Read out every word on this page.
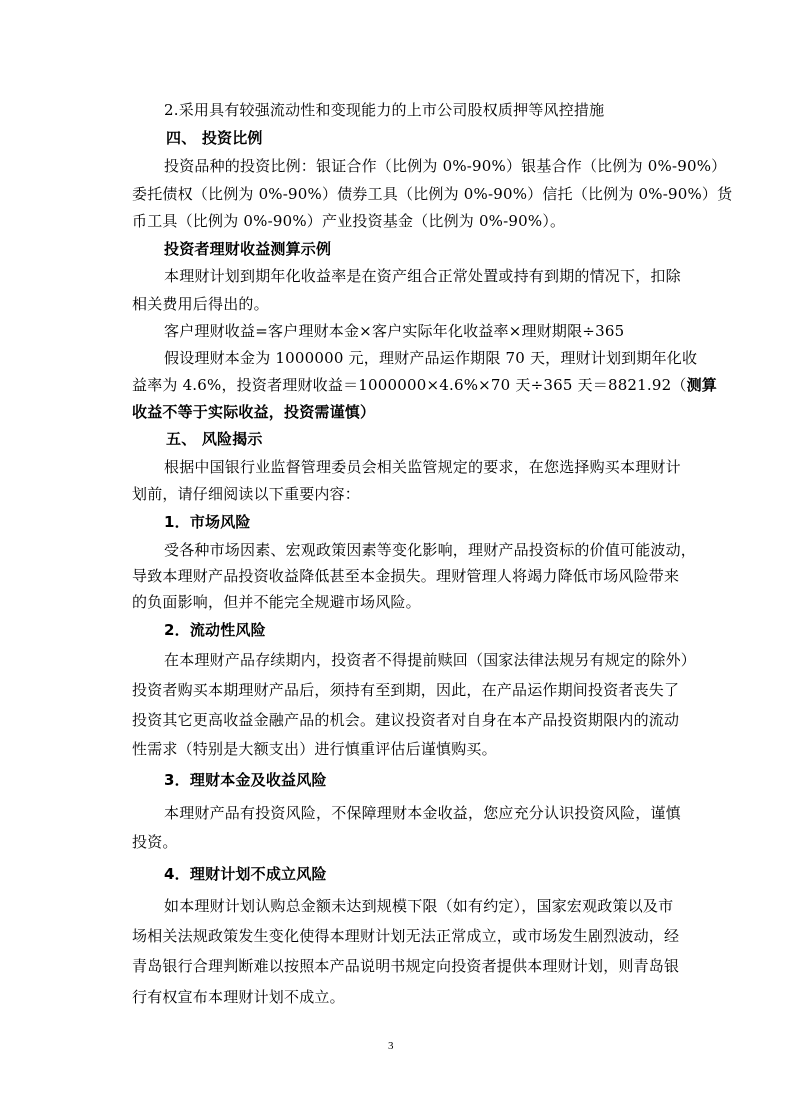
2.采用具有较强流动性和变现能力的上市公司股权质押等风控措施
四、 投资比例
投资品种的投资比例：银证合作（比例为 0%-90%）银基合作（比例为 0%-90%）
委托债权（比例为 0%-90%）债券工具（比例为 0%-90%）信托（比例为 0%-90%）货
币工具（比例为 0%-90%）产业投资基金（比例为 0%-90%）。
投资者理财收益测算示例
本理财计划到期年化收益率是在资产组合正常处置或持有到期的情况下，扣除
相关费用后得出的。
客户理财收益=客户理财本金×客户实际年化收益率×理财期限÷365
假设理财本金为 1000000 元，理财产品运作期限 70 天，理财计划到期年化收
益率为 4.6%，投资者理财收益＝1000000×4.6%×70 天÷365 天＝8821.92（测算
收益不等于实际收益，投资需谨慎）
五、 风险揭示
根据中国银行业监督管理委员会相关监管规定的要求，在您选择购买本理财计
划前，请仔细阅读以下重要内容：
1．市场风险
受各种市场因素、宏观政策因素等变化影响，理财产品投资标的价值可能波动，
导致本理财产品投资收益降低甚至本金损失。理财管理人将竭力降低市场风险带来
的负面影响，但并不能完全规避市场风险。
2．流动性风险
在本理财产品存续期内，投资者不得提前赎回（国家法律法规另有规定的除外）
投资者购买本期理财产品后，须持有至到期，因此，在产品运作期间投资者丧失了
投资其它更高收益金融产品的机会。建议投资者对自身在本产品投资期限内的流动
性需求（特别是大额支出）进行慎重评估后谨慎购买。
3．理财本金及收益风险
本理财产品有投资风险，不保障理财本金收益，您应充分认识投资风险，谨慎
投资。
4．理财计划不成立风险
如本理财计划认购总金额未达到规模下限（如有约定），国家宏观政策以及市
场相关法规政策发生变化使得本理财计划无法正常成立，或市场发生剧烈波动，经
青岛银行合理判断难以按照本产品说明书规定向投资者提供本理财计划，则青岛银
行有权宣布本理财计划不成立。
3
